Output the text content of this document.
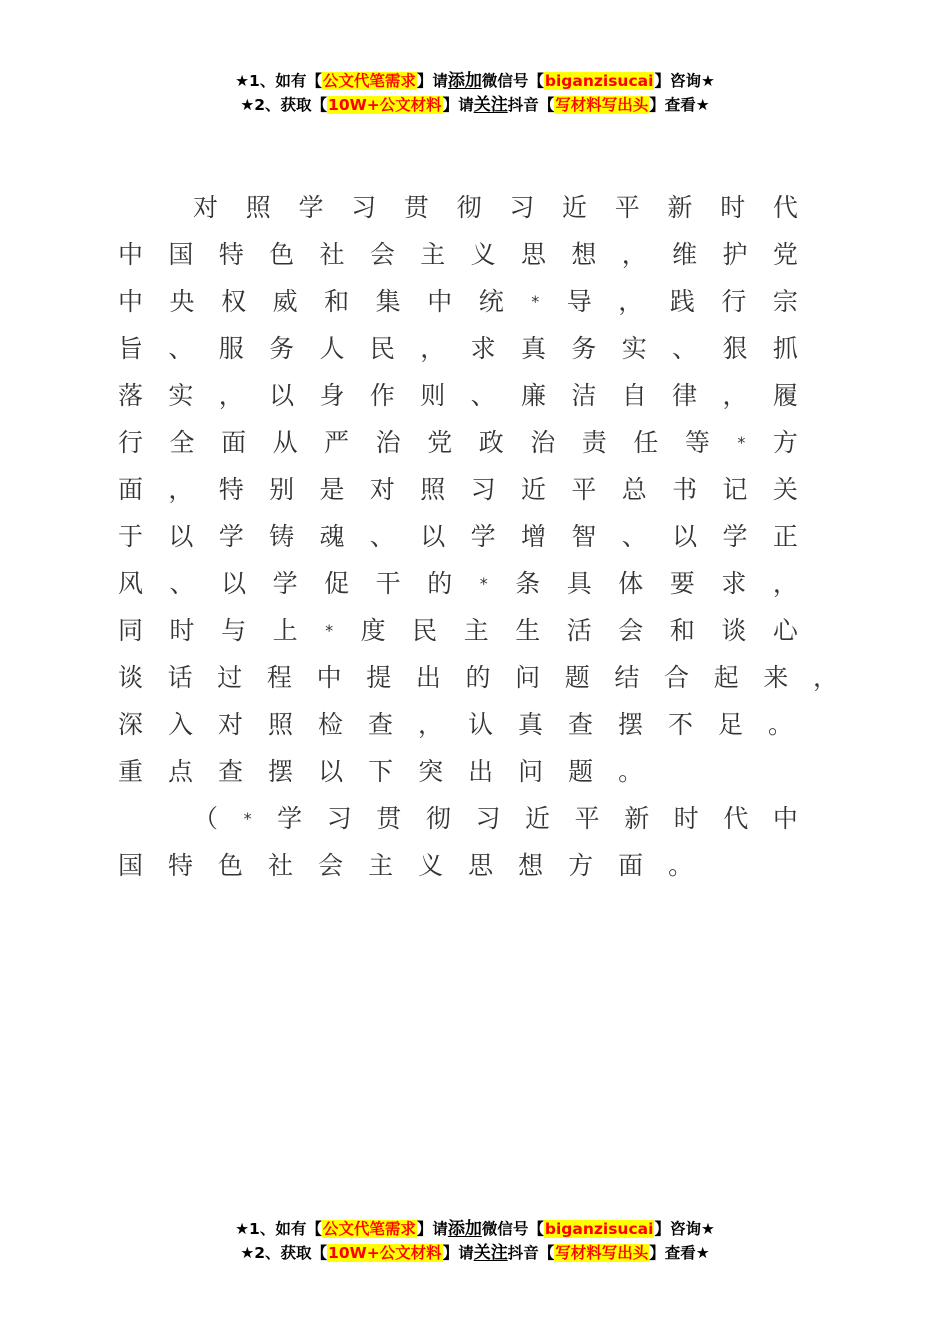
★1、如有【公文代笔需求】请添加微信号【biganzisucai】咨询★
★2、获取【10W+公文材料】请关注抖音【写材料写出头】查看★
对 照 学 习 贯 彻 习 近 平 新 时 代
中 国 特 色 社 会 主 义 思 想 ， 维 护 党
中 央 权 威 和 集 中 统 * 导 ， 践 行 宗
旨 、 服 务 人 民 ， 求 真 务 实 、 狠 抓
落 实 ， 以 身 作 则 、 廉 洁 自 律 ， 履
行 全 面 从 严 治 党 政 治 责 任 等 * 方
面 ， 特 别 是 对 照 习 近 平 总 书 记 关
于 以 学 铸 魂 、 以 学 增 智 、 以 学 正
风 、 以 学 促 干 的 * 条 具 体 要 求 ，
同 时 与 上 * 度 民 主 生 活 会 和 谈 心
谈 话 过 程 中 提 出 的 问 题 结 合 起 来 ，
深 入 对 照 检 查 ， 认 真 查 摆 不 足 。
重 点 查 摆 以 下 突 出 问 题 。
（ * 学 习 贯 彻 习 近 平 新 时 代 中
国 特 色 社 会 主 义 思 想 方 面 。
★1、如有【公文代笔需求】请添加微信号【biganzisucai】咨询★
★2、获取【10W+公文材料】请关注抖音【写材料写出头】查看★
